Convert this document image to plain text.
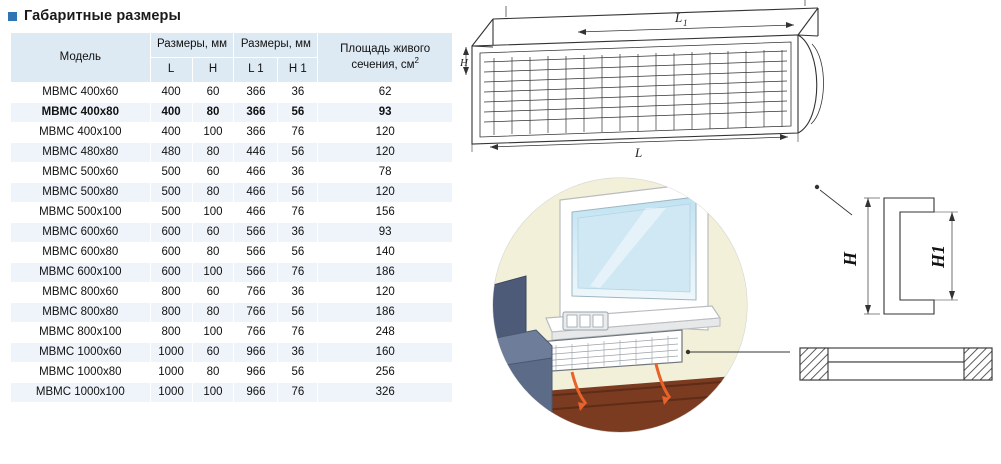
Габаритные размеры
Модель	Размеры, мм		Размеры, мм		Площадь живого сечения, $см^2$
	L	H	L 1	H 1	
МВМС 400х60	400	60	366	36	62
МВМС 400х80	400	80	366	56	93
МВМС 400х100	400	100	366	76	120
МВМС 480х80	480	80	446	56	120
МВМС 500х60	500	60	466	36	78
МВМС 500х80	500	80	466	56	120
МВМС 500х100	500	100	466	76	156
МВМС 600х60	600	60	566	36	93
МВМС 600х80	600	80	566	56	140
МВМС 600х100	600	100	566	76	186
МВМС 800х60	800	60	766	36	120
МВМС 800х80	800	80	766	56	186
МВМС 800х100	800	100	766	76	248
МВМС 1000х60	1000	60	966	36	160
МВМС 1000х80	1000	80	966	56	256
МВМС 1000х100	1000	100	966	76	326
L 1
L
H
Н	Н1
